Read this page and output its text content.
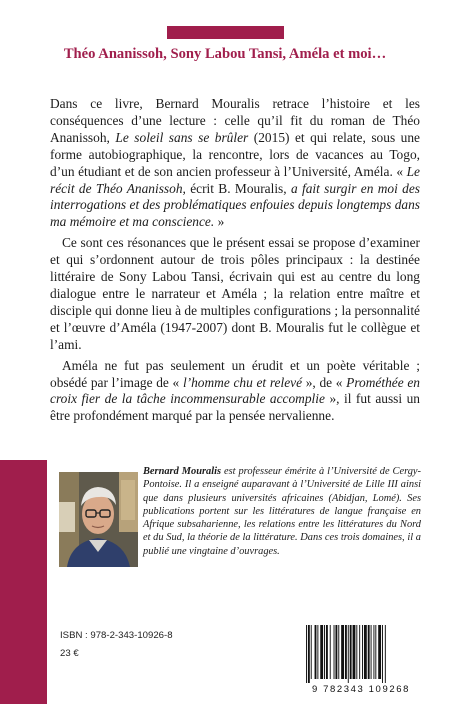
Théo Ananissoh, Sony Labou Tansi, Améla et moi…

Dans ce livre, Bernard Mouralis retrace l’histoire et les conséquences d’une lecture : celle qu’il fit du roman de Théo Ananissoh, Le soleil sans se brûler (2015) et qui relate, sous une forme autobiographique, la rencontre, lors de vacances au Togo, d’un étudiant et de son ancien professeur à l’Université, Améla. « Le récit de Théo Ananissoh, écrit B. Mouralis, a fait surgir en moi des interrogations et des problématiques enfouies depuis longtemps dans ma mémoire et ma conscience. »

Ce sont ces résonances que le présent essai se propose d’examiner et qui s’ordonnent autour de trois pôles principaux : la destinée littéraire de Sony Labou Tansi, écrivain qui est au centre du long dialogue entre le narrateur et Améla ; la relation entre maître et disciple qui donne lieu à de multiples configurations ; la personnalité et l’œuvre d’Améla (1947-2007) dont B. Mouralis fut le collègue et l’ami.

Améla ne fut pas seulement un érudit et un poète véritable ; obsédé par l’image de « l’homme chu et relevé », de « Prométhée en croix fier de la tâche incommensurable accomplie », il fut aussi un être profondément marqué par la pensée nervalienne.

Bernard Mouralis est professeur émérite à l’Université de Cergy-Pontoise. Il a enseigné auparavant à l’Université de Lille III ainsi que dans plusieurs universités africaines (Abidjan, Lomé). Ses publications portent sur les littératures de langue française en Afrique subsaharienne, les relations entre les littératures du Nord et du Sud, la théorie de la littérature. Dans ces trois domaines, il a publié une vingtaine d’ouvrages.
ISBN : 978-2-343-10926-8
23 €
9 782343 109268
